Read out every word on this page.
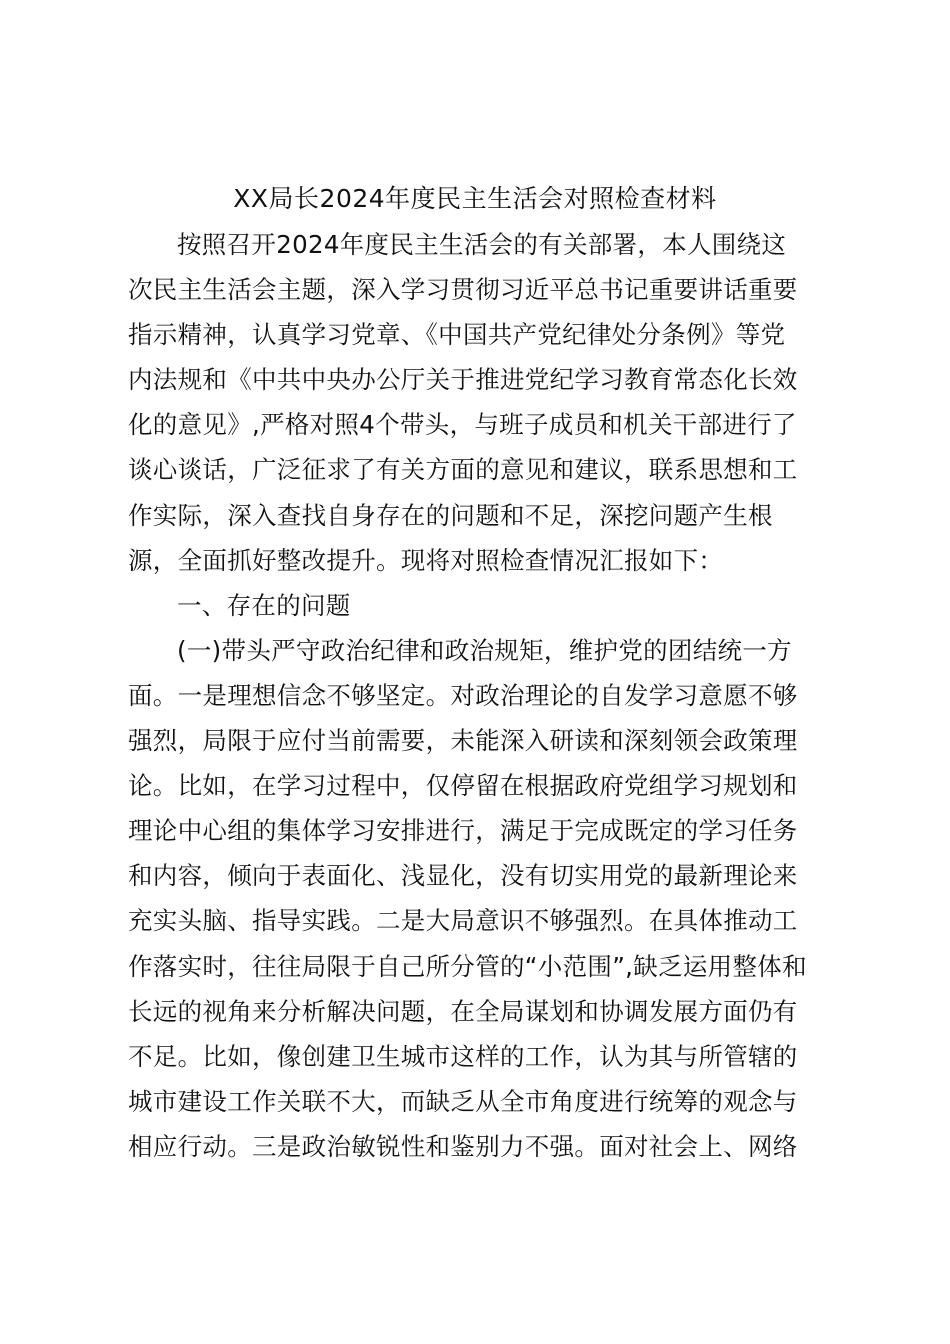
XX局长2024年度民主生活会对照检查材料
按照召开2024年度民主生活会的有关部署，本人围绕这
次民主生活会主题，深入学习贯彻习近平总书记重要讲话重要
指示精神，认真学习党章、《中国共产党纪律处分条例》等党
内法规和《中共中央办公厅关于推进党纪学习教育常态化长效
化的意见》,严格对照4个带头，与班子成员和机关干部进行了
谈心谈话，广泛征求了有关方面的意见和建议，联系思想和工
作实际，深入查找自身存在的问题和不足，深挖问题产生根
源，全面抓好整改提升。现将对照检查情况汇报如下：
一、存在的问题
(一)带头严守政治纪律和政治规矩，维护党的团结统一方
面。一是理想信念不够坚定。对政治理论的自发学习意愿不够
强烈，局限于应付当前需要，未能深入研读和深刻领会政策理
论。比如，在学习过程中，仅停留在根据政府党组学习规划和
理论中心组的集体学习安排进行，满足于完成既定的学习任务
和内容，倾向于表面化、浅显化，没有切实用党的最新理论来
充实头脑、指导实践。二是大局意识不够强烈。在具体推动工
作落实时，往往局限于自己所分管的“小范围”,缺乏运用整体和
长远的视角来分析解决问题，在全局谋划和协调发展方面仍有
不足。比如，像创建卫生城市这样的工作，认为其与所管辖的
城市建设工作关联不大，而缺乏从全市角度进行统筹的观念与
相应行动。三是政治敏锐性和鉴别力不强。面对社会上、网络
